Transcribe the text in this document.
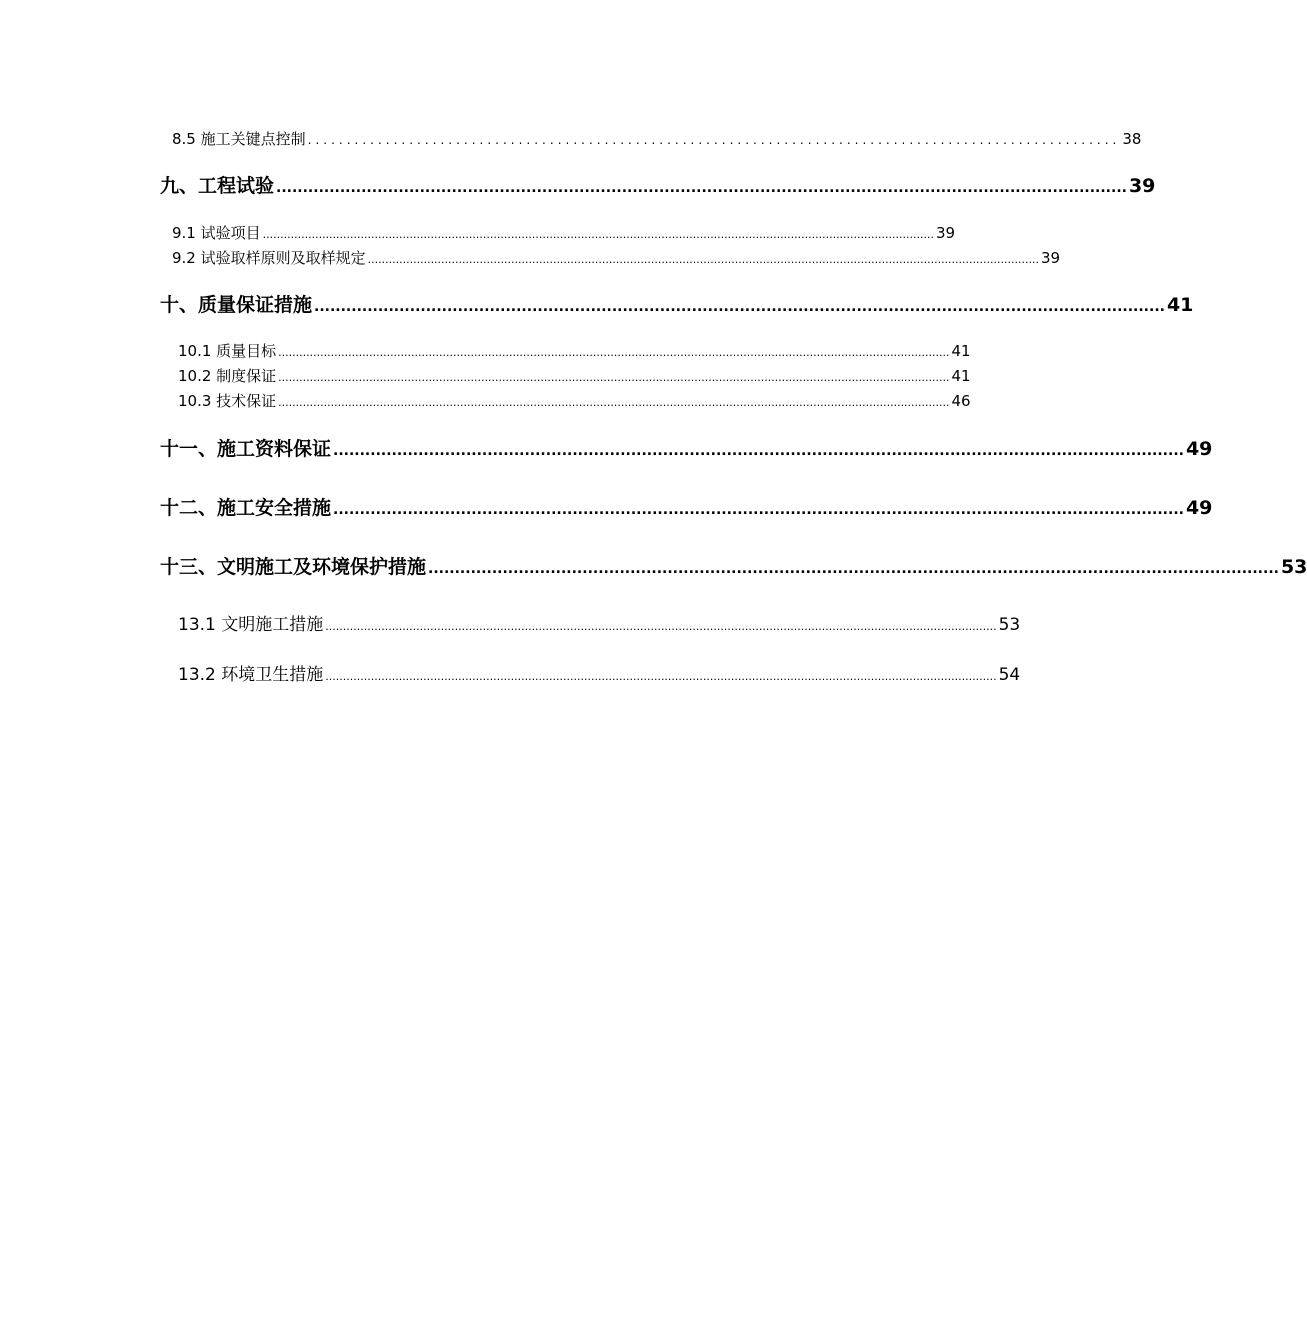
8.5 施工关键点控制 ........................................................................................................ 38
九、工程试验 ................................................................................................................................................................ 39
9.1 试验项目 ................................................................................................................................................................................................ 39
9.2 试验取样原则及取样规定 ................................................................................................................................................................................................ 39
十、质量保证措施 ................................................................................................................................................................ 41
10.1 质量目标 ................................................................................................................................................................................................ 41
10.2 制度保证 ................................................................................................................................................................................................ 41
10.3 技术保证 ................................................................................................................................................................................................ 46
十一、施工资料保证 ................................................................................................................................................................ 49
十二、施工安全措施 ................................................................................................................................................................ 49
十三、文明施工及环境保护措施 ................................................................................................................................................................ 53
13.1 文明施工措施 ................................................................................................................................................................................................ 53
13.2 环境卫生措施 ................................................................................................................................................................................................ 54
